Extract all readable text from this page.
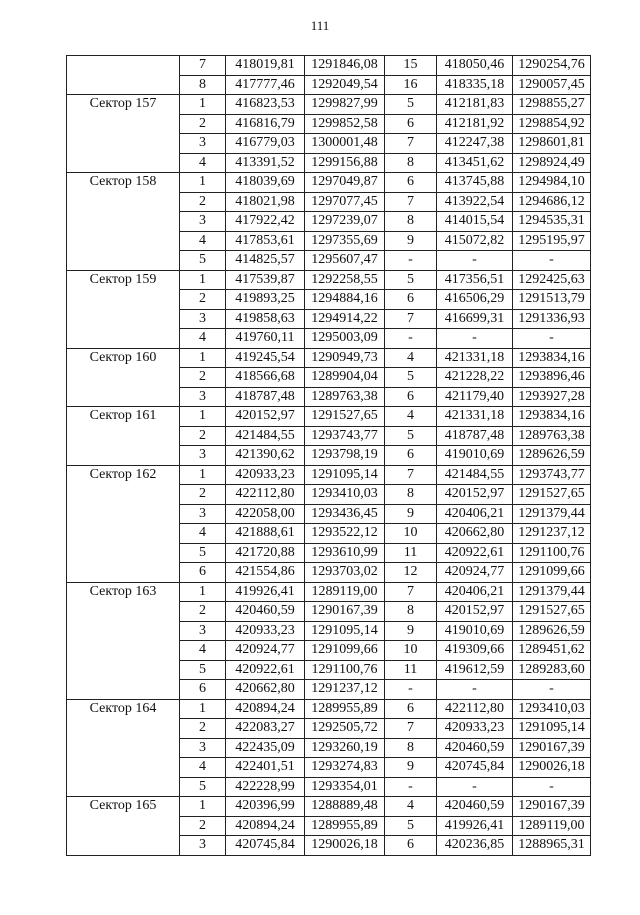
111
	7	418019,81	1291846,08	15	418050,46	1290254,76
	8	417777,46	1292049,54	16	418335,18	1290057,45
Сектор 157	1	416823,53	1299827,99	5	412181,83	1298855,27
	2	416816,79	1299852,58	6	412181,92	1298854,92
	3	416779,03	1300001,48	7	412247,38	1298601,81
	4	413391,52	1299156,88	8	413451,62	1298924,49
Сектор 158	1	418039,69	1297049,87	6	413745,88	1294984,10
	2	418021,98	1297077,45	7	413922,54	1294686,12
	3	417922,42	1297239,07	8	414015,54	1294535,31
	4	417853,61	1297355,69	9	415072,82	1295195,97
	5	414825,57	1295607,47	-	-	-
Сектор 159	1	417539,87	1292258,55	5	417356,51	1292425,63
	2	419893,25	1294884,16	6	416506,29	1291513,79
	3	419858,63	1294914,22	7	416699,31	1291336,93
	4	419760,11	1295003,09	-	-	-
Сектор 160	1	419245,54	1290949,73	4	421331,18	1293834,16
	2	418566,68	1289904,04	5	421228,22	1293896,46
	3	418787,48	1289763,38	6	421179,40	1293927,28
Сектор 161	1	420152,97	1291527,65	4	421331,18	1293834,16
	2	421484,55	1293743,77	5	418787,48	1289763,38
	3	421390,62	1293798,19	6	419010,69	1289626,59
Сектор 162	1	420933,23	1291095,14	7	421484,55	1293743,77
	2	422112,80	1293410,03	8	420152,97	1291527,65
	3	422058,00	1293436,45	9	420406,21	1291379,44
	4	421888,61	1293522,12	10	420662,80	1291237,12
	5	421720,88	1293610,99	11	420922,61	1291100,76
	6	421554,86	1293703,02	12	420924,77	1291099,66
Сектор 163	1	419926,41	1289119,00	7	420406,21	1291379,44
	2	420460,59	1290167,39	8	420152,97	1291527,65
	3	420933,23	1291095,14	9	419010,69	1289626,59
	4	420924,77	1291099,66	10	419309,66	1289451,62
	5	420922,61	1291100,76	11	419612,59	1289283,60
	6	420662,80	1291237,12	-	-	-
Сектор 164	1	420894,24	1289955,89	6	422112,80	1293410,03
	2	422083,27	1292505,72	7	420933,23	1291095,14
	3	422435,09	1293260,19	8	420460,59	1290167,39
	4	422401,51	1293274,83	9	420745,84	1290026,18
	5	422228,99	1293354,01	-	-	-
Сектор 165	1	420396,99	1288889,48	4	420460,59	1290167,39
	2	420894,24	1289955,89	5	419926,41	1289119,00
	3	420745,84	1290026,18	6	420236,85	1288965,31
